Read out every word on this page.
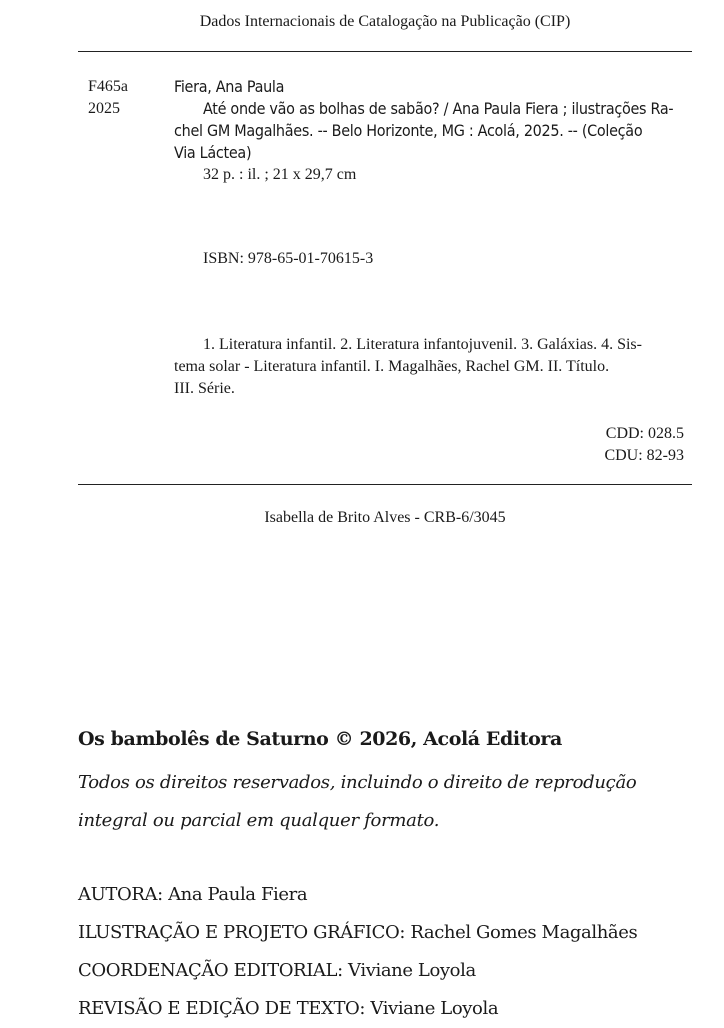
Dados Internacionais de Catalogação na Publicação (CIP)
F465a
2025
Fiera, Ana Paula
Até onde vão as bolhas de sabão? / Ana Paula Fiera ; ilustrações Ra-
chel GM Magalhães. -- Belo Horizonte, MG : Acolá, 2025. -- (Coleção
Via Láctea)
32 p. : il. ; 21 x 29,7 cm
ISBN: 978-65-01-70615-3
1. Literatura infantil. 2. Literatura infantojuvenil. 3. Galáxias. 4. Sis-
tema solar - Literatura infantil. I. Magalhães, Rachel GM. II. Título.
III. Série.
CDD: 028.5
CDU: 82-93
Isabella de Brito Alves - CRB-6/3045
Os bambolês de Saturno © 2026, Acolá Editora
Todos os direitos reservados, incluindo o direito de reprodução
integral ou parcial em qualquer formato.
AUTORA: Ana Paula Fiera
ILUSTRAÇÃO E PROJETO GRÁFICO: Rachel Gomes Magalhães
COORDENAÇÃO EDITORIAL: Viviane Loyola
REVISÃO E EDIÇÃO DE TEXTO: Viviane Loyola
